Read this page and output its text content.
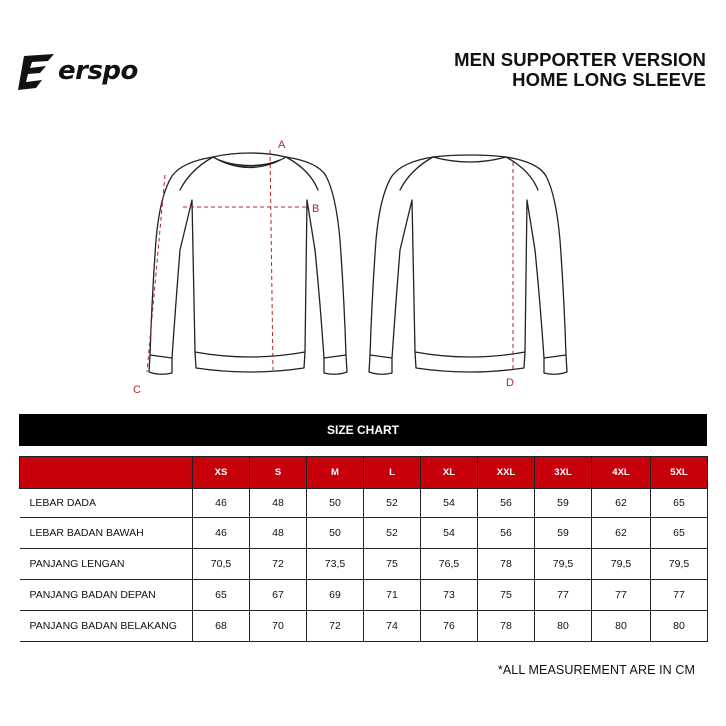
erspo	MEN SUPPORTER VERSION
HOME LONG SLEEVE
A
B
C
D
SIZE CHART
	XS	S	M	L	XL	XXL	3XL	4XL	5XL
LEBAR DADA	46	48	50	52	54	56	59	62	65
LEBAR BADAN BAWAH	46	48	50	52	54	56	59	62	65
PANJANG LENGAN	70,5	72	73,5	75	76,5	78	79,5	79,5	79,5
PANJANG BADAN DEPAN	65	67	69	71	73	75	77	77	77
PANJANG BADAN BELAKANG	68	70	72	74	76	78	80	80	80
*ALL MEASUREMENT ARE IN CM
